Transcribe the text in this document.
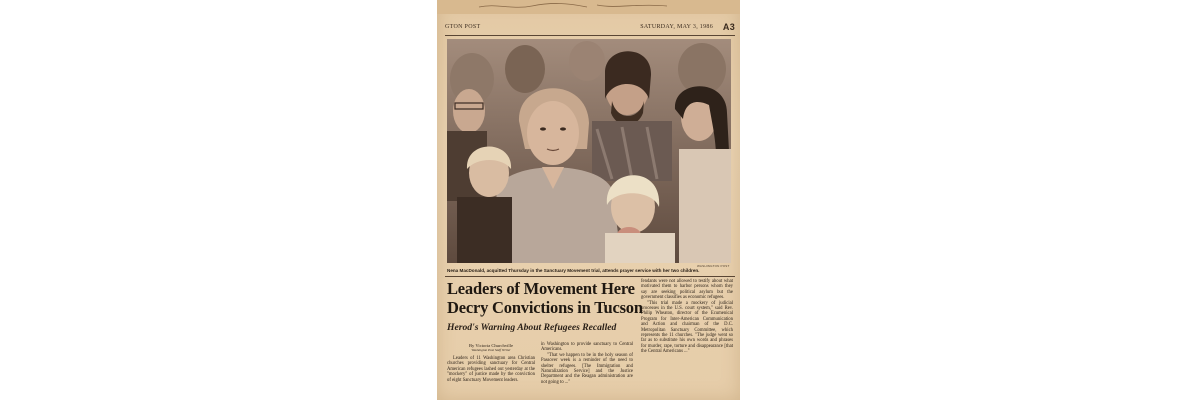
GTON POST	SATURDAY, MAY 3, 1986 A3
WASHINGTON POST
Nena MacDonald, acquitted Thursday in the Sanctuary Movement trial, attends prayer service with her two children.
Leaders of Movement Here
Decry Convictions in Tucson
Herod's Warning About Refugees Recalled
By Victoria Churchville
Washington Post Staff Writer

Leaders of 11 Washington area Christian churches providing sanctuary for Central American refugees lashed out yesterday at the "mockery" of justice made by the conviction of eight Sanctuary Movement leaders.

in Washington to provide sanctuary to Central Americans.

"That we happen to be in the holy season of Passover week is a reminder of the need to shelter refugees. [The Immigration and Naturalization Service] and the Justice Department and the Reagan administration are not going to ..."

fendants were not allowed to testify about what motivated them to harbor persons whom they say are seeking political asylum but the government classifies as economic refugees.

"This trial made a mockery of judicial processes in the U.S. court system," said Rev. Philip Wheaton, director of the Ecumenical Program for Inter-American Communication and Action and chairman of the D.C. Metropolitan Sanctuary Committee, which represents the 11 churches. "The judge went so far as to substitute his own words and phrases for murder, rape, torture and disappearance [that the Central Americans ..."
